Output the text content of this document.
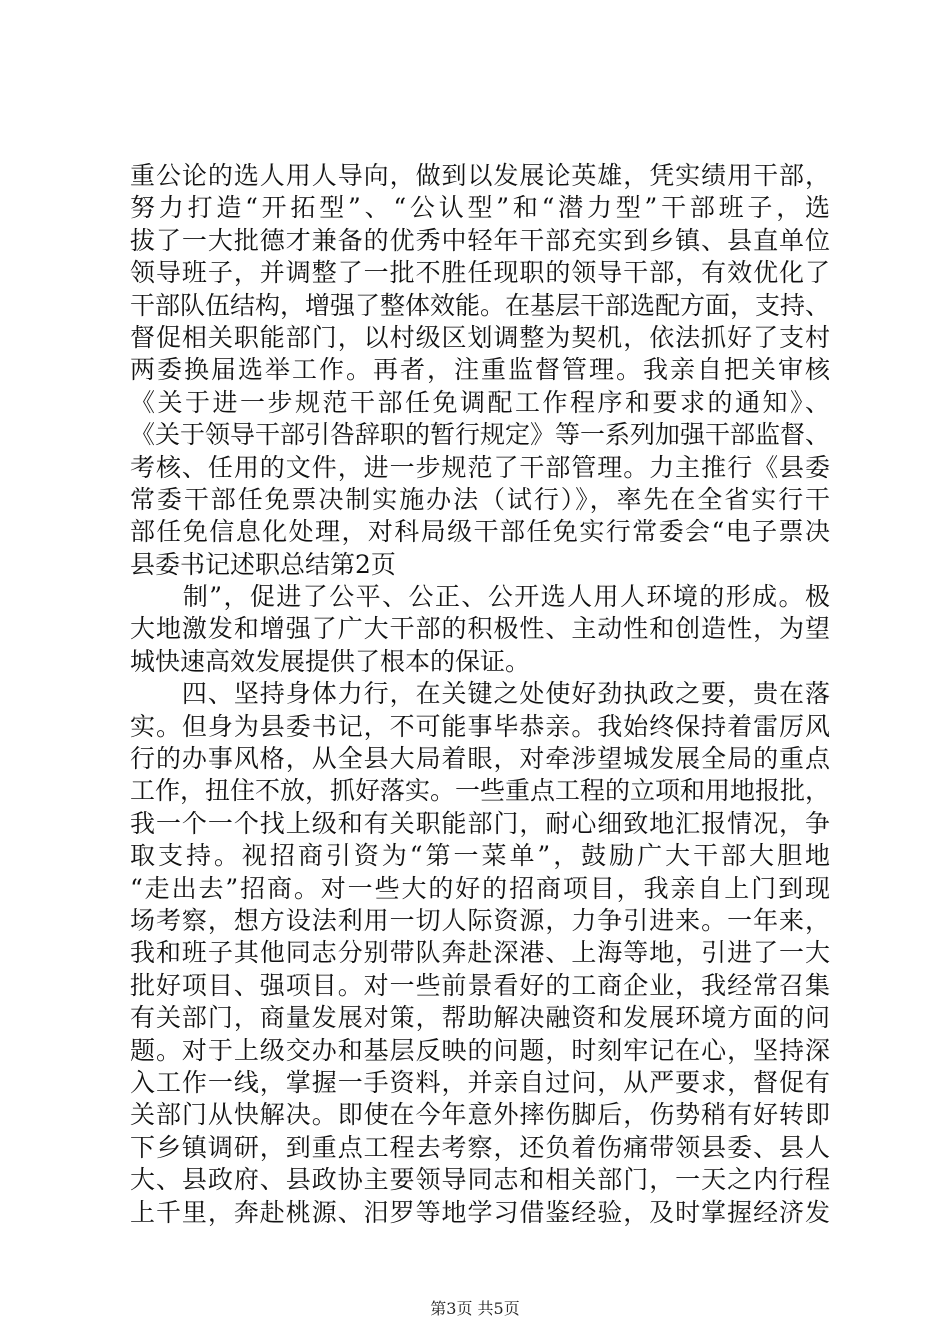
重公论的选人用人导向，做到以发展论英雄，凭实绩用干部，
努力打造“开拓型”、“公认型”和“潜力型”干部班子，选
拔了一大批德才兼备的优秀中轻年干部充实到乡镇、县直单位
领导班子，并调整了一批不胜任现职的领导干部，有效优化了
干部队伍结构，增强了整体效能。在基层干部选配方面，支持、
督促相关职能部门，以村级区划调整为契机，依法抓好了支村
两委换届选举工作。再者，注重监督管理。我亲自把关审核
《关于进一步规范干部任免调配工作程序和要求的通知》、
《关于领导干部引咎辞职的暂行规定》等一系列加强干部监督、
考核、任用的文件，进一步规范了干部管理。力主推行《县委
常委干部任免票决制实施办法（试行）》，率先在全省实行干
部任免信息化处理，对科局级干部任免实行常委会“电子票决
县委书记述职总结第2页
　　制”，促进了公平、公正、公开选人用人环境的形成。极
大地激发和增强了广大干部的积极性、主动性和创造性，为望
城快速高效发展提供了根本的保证。
　　四、坚持身体力行，在关键之处使好劲执政之要，贵在落
实。但身为县委书记，不可能事毕恭亲。我始终保持着雷厉风
行的办事风格，从全县大局着眼，对牵涉望城发展全局的重点
工作，扭住不放，抓好落实。一些重点工程的立项和用地报批，
我一个一个找上级和有关职能部门，耐心细致地汇报情况，争
取支持。视招商引资为“第一菜单”，鼓励广大干部大胆地
“走出去”招商。对一些大的好的招商项目，我亲自上门到现
场考察，想方设法利用一切人际资源，力争引进来。一年来，
我和班子其他同志分别带队奔赴深港、上海等地，引进了一大
批好项目、强项目。对一些前景看好的工商企业，我经常召集
有关部门，商量发展对策，帮助解决融资和发展环境方面的问
题。对于上级交办和基层反映的问题，时刻牢记在心，坚持深
入工作一线，掌握一手资料，并亲自过问，从严要求，督促有
关部门从快解决。即使在今年意外摔伤脚后，伤势稍有好转即
下乡镇调研，到重点工程去考察，还负着伤痛带领县委、县人
大、县政府、县政协主要领导同志和相关部门，一天之内行程
上千里，奔赴桃源、汨罗等地学习借鉴经验，及时掌握经济发
第3页 共5页
